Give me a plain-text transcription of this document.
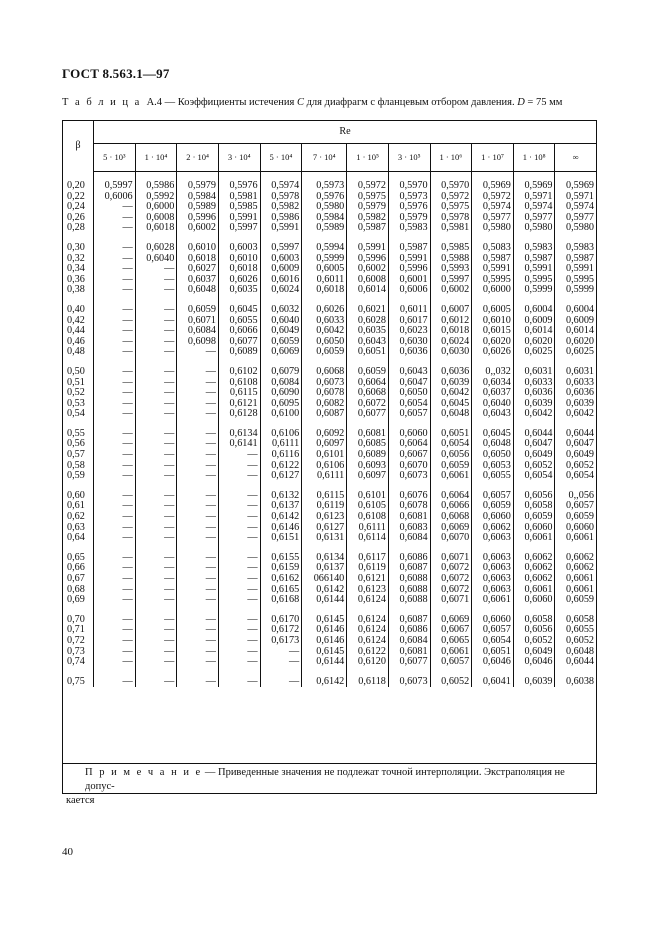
ГОСТ 8.563.1—97
Т а б л и ц а А.4 — Коэффициенты истечения C для диафрагм с фланцевым отбором давления. D = 75 мм
β	Re											
	5 · 10³	1 · 10⁴	2 · 10⁴	3 · 10⁴	5 · 10⁴	7 · 10⁴	1 · 10⁵	3 · 10⁵	1 · 10⁶	1 · 10⁷	1 · 10⁸	∞
0,20	0,5997	0,5986	0,5979	0,5976	0,5974	0,5973	0,5972	0,5970	0,5970	0,5969	0,5969	0,5969
0,22	0,6006	0,5992	0,5984	0,5981	0,5978	0,5976	0,5975	0,5973	0,5972	0,5972	0,5971	0,5971
0,24	—	0,6000	0,5989	0,5985	0,5982	0,5980	0,5979	0,5976	0,5975	0,5974	0,5974	0,5974
0,26	—	0,6008	0,5996	0,5991	0,5986	0,5984	0,5982	0,5979	0,5978	0,5977	0,5977	0,5977
0,28	—	0,6018	0,6002	0,5997	0,5991	0,5989	0,5987	0,5983	0,5981	0,5980	0,5980	0,5980
0,30	—	0,6028	0,6010	0,6003	0,5997	0,5994	0,5991	0,5987	0,5985	0,5083	0,5983	0,5983
0,32	—	0,6040	0,6018	0,6010	0,6003	0,5999	0,5996	0,5991	0,5988	0,5987	0,5987	0,5987
0,34	—	—	0,6027	0,6018	0,6009	0,6005	0,6002	0,5996	0,5993	0,5991	0,5991	0,5991
0,36	—	—	0,6037	0,6026	0,6016	0,6011	0,6008	0,6001	0,5997	0,5995	0,5995	0,5995
0,38	—	—	0,6048	0,6035	0,6024	0,6018	0,6014	0,6006	0,6002	0,6000	0,5999	0,5999
0,40	—	—	0,6059	0,6045	0,6032	0,6026	0,6021	0,6011	0,6007	0,6005	0,6004	0,6004
0,42	—	—	0,6071	0,6055	0,6040	0,6033	0,6028	0,6017	0,6012	0,6010	0,6009	0,6009
0,44	—	—	0,6084	0,6066	0,6049	0,6042	0,6035	0,6023	0,6018	0,6015	0,6014	0,6014
0,46	—	—	0,6098	0,6077	0,6059	0,6050	0,6043	0,6030	0,6024	0,6020	0,6020	0,6020
0,48	—	—	—	0,6089	0,6069	0,6059	0,6051	0,6036	0,6030	0,6026	0,6025	0,6025
0,50	—	—	—	0,6102	0,6079	0,6068	0,6059	0,6043	0,6036	0,,032	0,6031	0,6031
0,51	—	—	—	0,6108	0,6084	0,6073	0,6064	0,6047	0,6039	0,6034	0,6033	0,6033
0,52	—	—	—	0,6115	0,6090	0,6078	0,6068	0,6050	0,6042	0,6037	0,6036	0,6036
0,53	—	—	—	0,6121	0,6095	0,6082	0,6072	0,6054	0,6045	0,6040	0,6039	0,6039
0,54	—	—	—	0,6128	0,6100	0,6087	0,6077	0,6057	0,6048	0,6043	0,6042	0,6042
0,55	—	—	—	0,6134	0,6106	0,6092	0,6081	0,6060	0,6051	0,6045	0,6044	0,6044
0,56	—	—	—	0,6141	0,6111	0,6097	0,6085	0,6064	0,6054	0,6048	0,6047	0,6047
0,57	—	—	—	—	0,6116	0,6101	0,6089	0,6067	0,6056	0,6050	0,6049	0,6049
0,58	—	—	—	—	0,6122	0,6106	0,6093	0,6070	0,6059	0,6053	0,6052	0,6052
0,59	—	—	—	—	0,6127	0,6111	0,6097	0,6073	0,6061	0,6055	0,6054	0,6054
0,60	—	—	—	—	0,6132	0,6115	0,6101	0,6076	0,6064	0,6057	0,6056	0,,056
0,61	—	—	—	—	0,6137	0,6119	0,6105	0,6078	0,6066	0,6059	0,6058	0,6057
0,62	—	—	—	—	0,6142	0,6123	0,6108	0,6081	0,6068	0,6060	0,6059	0,6059
0,63	—	—	—	—	0,6146	0,6127	0,6111	0,6083	0,6069	0,6062	0,6060	0,6060
0,64	—	—	—	—	0,6151	0,6131	0,6114	0,6084	0,6070	0,6063	0,6061	0,6061
0,65	—	—	—	—	0,6155	0,6134	0,6117	0,6086	0,6071	0,6063	0,6062	0,6062
0,66	—	—	—	—	0,6159	0,6137	0,6119	0,6087	0,6072	0,6063	0,6062	0,6062
0,67	—	—	—	—	0,6162	066140	0,6121	0,6088	0,6072	0,6063	0,6062	0,6061
0,68	—	—	—	—	0,6165	0,6142	0,6123	0,6088	0,6072	0,6063	0,6061	0,6061
0,69	—	—	—	—	0,6168	0,6144	0,6124	0,6088	0,6071	0,6061	0,6060	0,6059
0,70	—	—	—	—	0,6170	0,6145	0,6124	0,6087	0,6069	0,6060	0,6058	0,6058
0,71	—	—	—	—	0,6172	0,6146	0,6124	0,6086	0,6067	0,6057	0,6056	0,6055
0,72	—	—	—	—	0,6173	0,6146	0,6124	0,6084	0,6065	0,6054	0,6052	0,6052
0,73	—	—	—	—	—	0,6145	0,6122	0,6081	0,6061	0,6051	0,6049	0,6048
0,74	—	—	—	—	—	0,6144	0,6120	0,6077	0,6057	0,6046	0,6046	0,6044
0,75	—	—	—	—	—	0,6142	0,6118	0,6073	0,6052	0,6041	0,6039	0,6038
П р и м е ч а н и е — Приведенные значения не подлежат точной интерполяции. Экстраполяция не допус-
кается
40
